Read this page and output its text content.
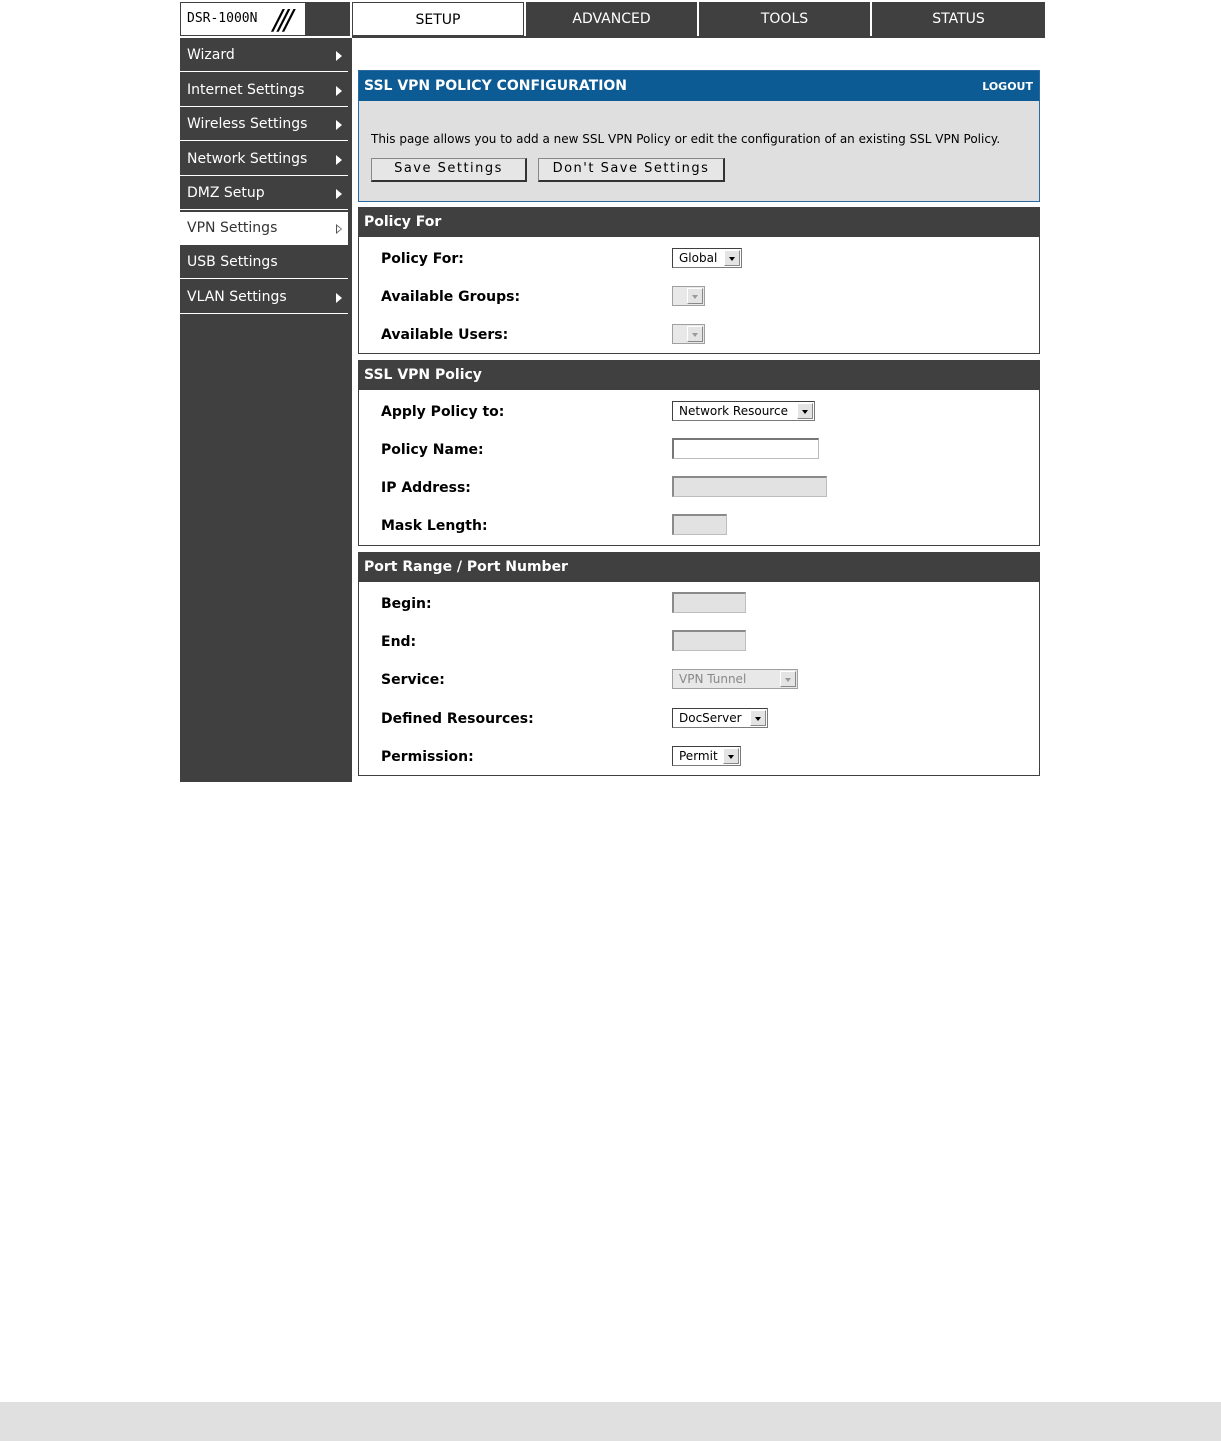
DSR-1000N ///	SETUP	ADVANCED	TOOLS	STATUS
Wizard
Internet Settings
Wireless Settings
Network Settings
DMZ Setup
VPN Settings
USB Settings
VLAN Settings
SSL VPN POLICY CONFIGURATION	LOGOUT
This page allows you to add a new SSL VPN Policy or edit the configuration of an existing SSL VPN Policy.
Save Settings	Don't Save Settings
Policy For
Policy For:	Global
Available Groups:
Available Users:
SSL VPN Policy
Apply Policy to:	Network Resource
Policy Name:
IP Address:
Mask Length:
Port Range / Port Number
Begin:
End:
Service:	VPN Tunnel
Defined Resources:	DocServer
Permission:	Permit
